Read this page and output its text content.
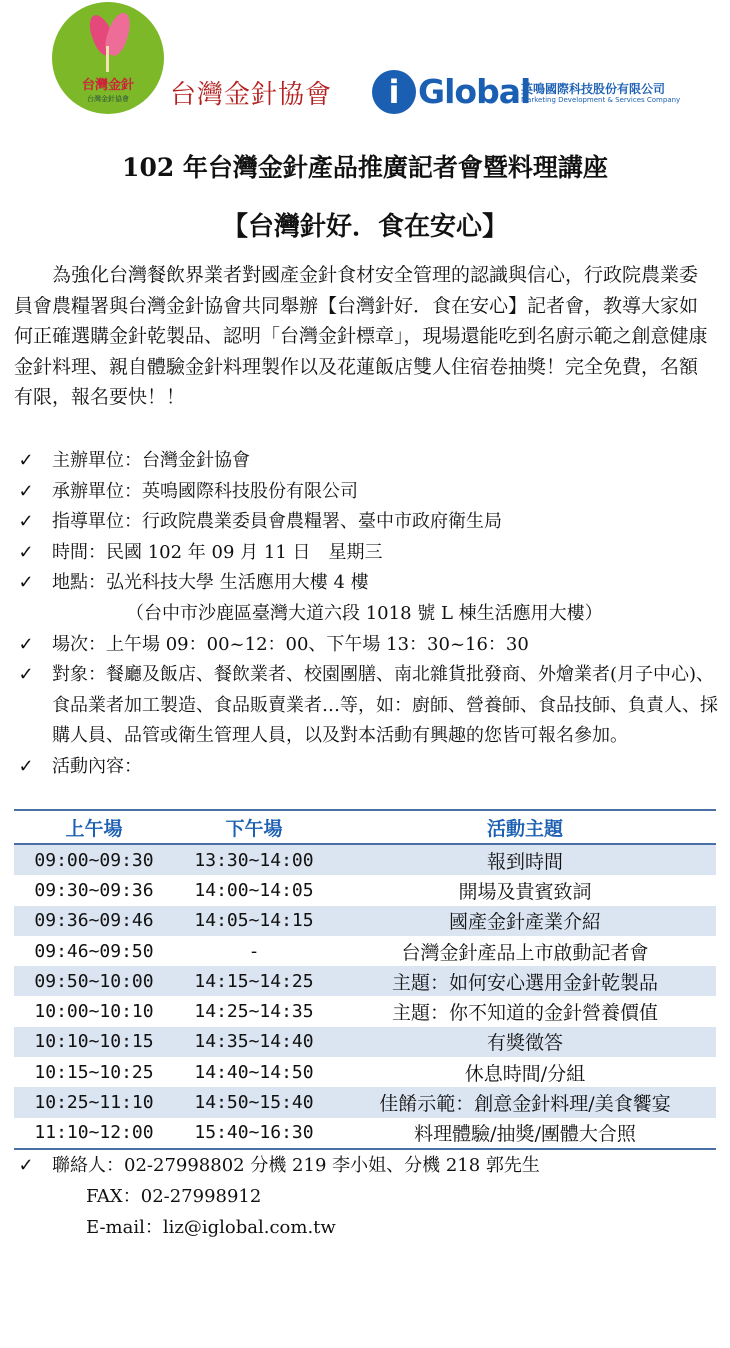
台灣金針
台灣金針協會	台灣金針協會	i Global
英鳴國際科技股份有限公司
Marketing Development & Services Company
102 年台灣金針產品推廣記者會暨料理講座
【台灣針好．食在安心】
　　為強化台灣餐飲界業者對國產金針食材安全管理的認識與信心，行政院農業委員會農糧署與台灣金針協會共同舉辦【台灣針好．食在安心】記者會，教導大家如何正確選購金針乾製品、認明「台灣金針標章」，現場還能吃到名廚示範之創意健康金針料理、親自體驗金針料理製作以及花蓮飯店雙人住宿卷抽獎！完全免費，名額有限，報名要快！！
✓ 主辦單位：台灣金針協會
✓ 承辦單位：英鳴國際科技股份有限公司
✓ 指導單位：行政院農業委員會農糧署、臺中市政府衛生局
✓ 時間：民國 102 年 09 月 11 日　星期三
✓ 地點：弘光科技大學 生活應用大樓 4 樓
（台中市沙鹿區臺灣大道六段 1018 號 L 棟生活應用大樓）
✓ 場次：上午場 09：00~12：00、下午場 13：30~16：30
✓ 對象：餐廳及飯店、餐飲業者、校園團膳、南北雜貨批發商、外燴業者(月子中心)、食品業者加工製造、食品販賣業者…等，如：廚師、營養師、食品技師、負責人、採購人員、品管或衛生管理人員，以及對本活動有興趣的您皆可報名參加。
✓ 活動內容：
上午場	下午場	活動主題
09:00~09:30	13:30~14:00	報到時間
09:30~09:36	14:00~14:05	開場及貴賓致詞
09:36~09:46	14:05~14:15	國產金針產業介紹
09:46~09:50	-	台灣金針產品上市啟動記者會
09:50~10:00	14:15~14:25	主題：如何安心選用金針乾製品
10:00~10:10	14:25~14:35	主題：你不知道的金針營養價值
10:10~10:15	14:35~14:40	有獎徵答
10:15~10:25	14:40~14:50	休息時間/分組
10:25~11:10	14:50~15:40	佳餚示範：創意金針料理/美食饗宴
11:10~12:00	15:40~16:30	料理體驗/抽獎/團體大合照
✓ 聯絡人：02-27998802 分機 219 李小姐、分機 218 郭先生
FAX：02-27998912
E-mail：liz@iglobal.com.tw
